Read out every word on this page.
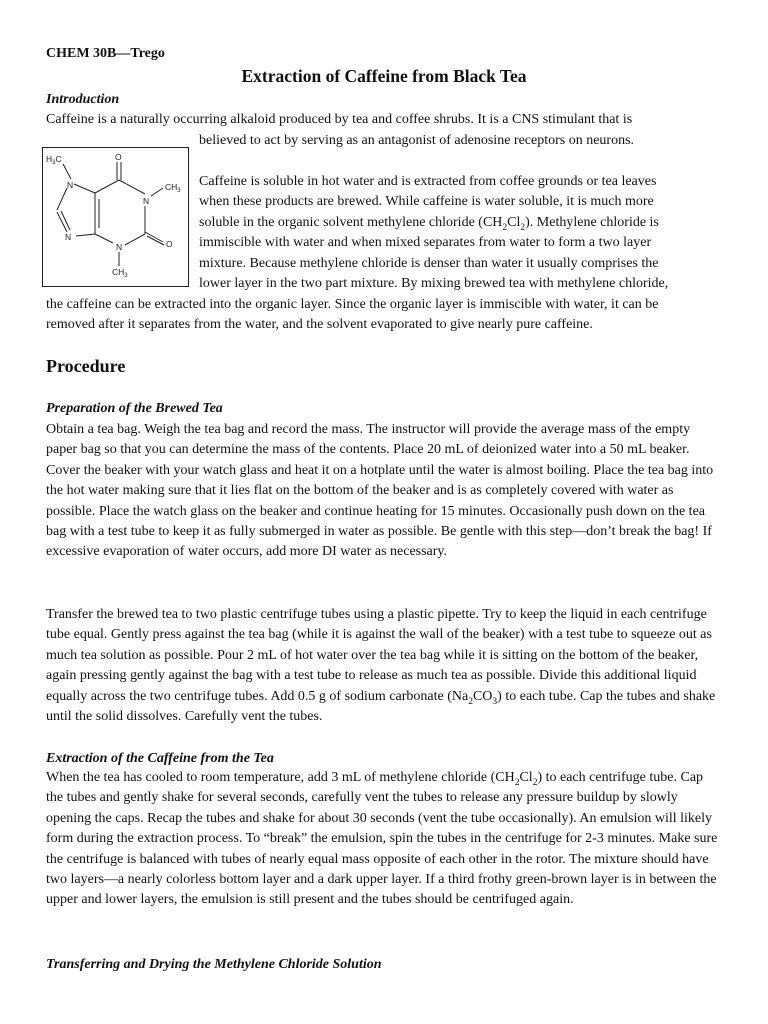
CHEM 30B—Trego
Extraction of Caffeine from Black Tea
Introduction
Caffeine is a naturally occurring alkaloid produced by tea and coffee shrubs. It is a CNS stimulant that is
believed to act by serving as an antagonist of adenosine receptors on neurons.
$H_3C$	O
$CH_3$
N
N
N
N	O
$CH_3$
Caffeine is soluble in hot water and is extracted from coffee grounds or tea leaves
when these products are brewed. While caffeine is water soluble, it is much more
soluble in the organic solvent methylene chloride $(CH_2Cl_2)$. Methylene chloride is
immiscible with water and when mixed separates from water to form a two layer
mixture. Because methylene chloride is denser than water it usually comprises the
lower layer in the two part mixture. By mixing brewed tea with methylene chloride,
the caffeine can be extracted into the organic layer. Since the organic layer is immiscible with water, it can be
removed after it separates from the water, and the solvent evaporated to give nearly pure caffeine.
Procedure
Preparation of the Brewed Tea

Obtain a tea bag. Weigh the tea bag and record the mass. The instructor will provide the average mass of the empty paper bag so that you can determine the mass of the contents. Place 20 mL of deionized water into a 50 mL beaker. Cover the beaker with your watch glass and heat it on a hotplate until the water is almost boiling. Place the tea bag into the hot water making sure that it lies flat on the bottom of the beaker and is as completely covered with water as possible. Place the watch glass on the beaker and continue heating for 15 minutes. Occasionally push down on the tea bag with a test tube to keep it as fully submerged in water as possible. Be gentle with this step—don’t break the bag! If excessive evaporation of water occurs, add more DI water as necessary.

Transfer the brewed tea to two plastic centrifuge tubes using a plastic pipette. Try to keep the liquid in each centrifuge tube equal. Gently press against the tea bag (while it is against the wall of the beaker) with a test tube to squeeze out as much tea solution as possible. Pour 2 mL of hot water over the tea bag while it is sitting on the bottom of the beaker, again pressing gently against the bag with a test tube to release as much tea as possible. Divide this additional liquid equally across the two centrifuge tubes. Add 0.5 g of sodium carbonate $(Na_2CO_3)$ to each tube. Cap the tubes and shake until the solid dissolves. Carefully vent the tubes.

Extraction of the Caffeine from the Tea

When the tea has cooled to room temperature, add 3 mL of methylene chloride $(CH_2Cl_2)$ to each centrifuge tube. Cap the tubes and gently shake for several seconds, carefully vent the tubes to release any pressure buildup by slowly opening the caps. Recap the tubes and shake for about 30 seconds (vent the tube occasionally). An emulsion will likely form during the extraction process. To “break” the emulsion, spin the tubes in the centrifuge for 2-3 minutes. Make sure the centrifuge is balanced with tubes of nearly equal mass opposite of each other in the rotor. The mixture should have two layers—a nearly colorless bottom layer and a dark upper layer. If a third frothy green-brown layer is in between the upper and lower layers, the emulsion is still present and the tubes should be centrifuged again.

Transferring and Drying the Methylene Chloride Solution
